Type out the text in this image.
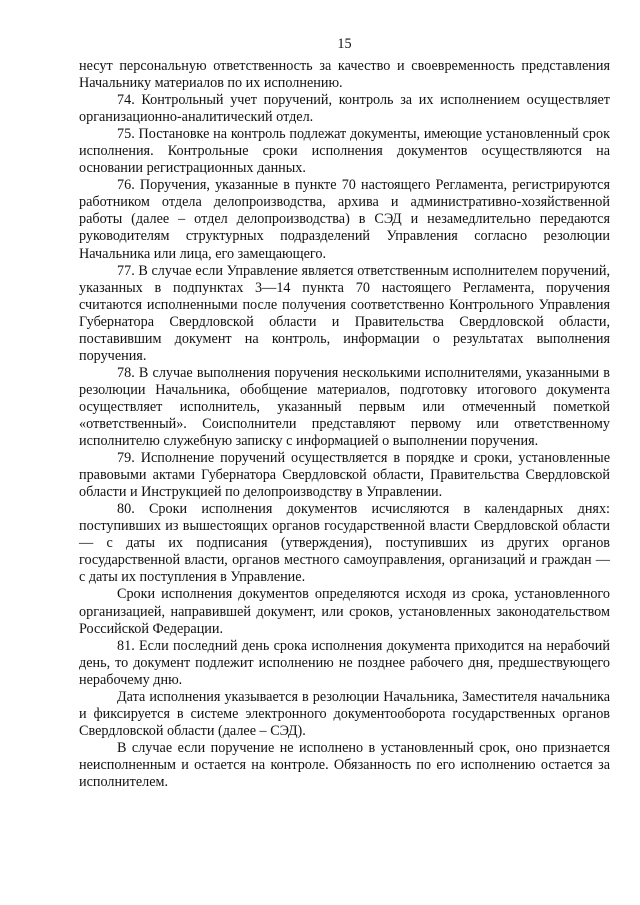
15

несут персональную ответственность за качество и своевременность представления Начальнику материалов по их исполнению.

74. Контрольный учет поручений, контроль за их исполнением осуществляет организационно-аналитический отдел.

75. Постановке на контроль подлежат документы, имеющие установленный срок исполнения. Контрольные сроки исполнения документов осуществляются на основании регистрационных данных.

76. Поручения, указанные в пункте 70 настоящего Регламента, регистрируются работником отдела делопроизводства, архива и административно-хозяйственной работы (далее – отдел делопроизводства) в СЭД и незамедлительно передаются руководителям структурных подразделений Управления согласно резолюции Начальника или лица, его замещающего.

77. В случае если Управление является ответственным исполнителем поручений, указанных в подпунктах 3—14 пункта 70 настоящего Регламента, поручения считаются исполненными после получения соответственно Контрольного Управления Губернатора Свердловской области и Правительства Свердловской области, поставившим документ на контроль, информации о результатах выполнения поручения.

78. В случае выполнения поручения несколькими исполнителями, указанными в резолюции Начальника, обобщение материалов, подготовку итогового документа осуществляет исполнитель, указанный первым или отмеченный пометкой «ответственный». Соисполнители представляют первому или ответственному исполнителю служебную записку с информацией о выполнении поручения.

79. Исполнение поручений осуществляется в порядке и сроки, установленные правовыми актами Губернатора Свердловской области, Правительства Свердловской области и Инструкцией по делопроизводству в Управлении.

80. Сроки исполнения документов исчисляются в календарных днях: поступивших из вышестоящих органов государственной власти Свердловской области — с даты их подписания (утверждения), поступивших из других органов государственной власти, органов местного самоуправления, организаций и граждан — с даты их поступления в Управление.

Сроки исполнения документов определяются исходя из срока, установленного организацией, направившей документ, или сроков, установленных законодательством Российской Федерации.

81. Если последний день срока исполнения документа приходится на нерабочий день, то документ подлежит исполнению не позднее рабочего дня, предшествующего нерабочему дню.

Дата исполнения указывается в резолюции Начальника, Заместителя начальника и фиксируется в системе электронного документооборота государственных органов Свердловской области (далее – СЭД).

В случае если поручение не исполнено в установленный срок, оно признается неисполненным и остается на контроле. Обязанность по его исполнению остается за исполнителем.
